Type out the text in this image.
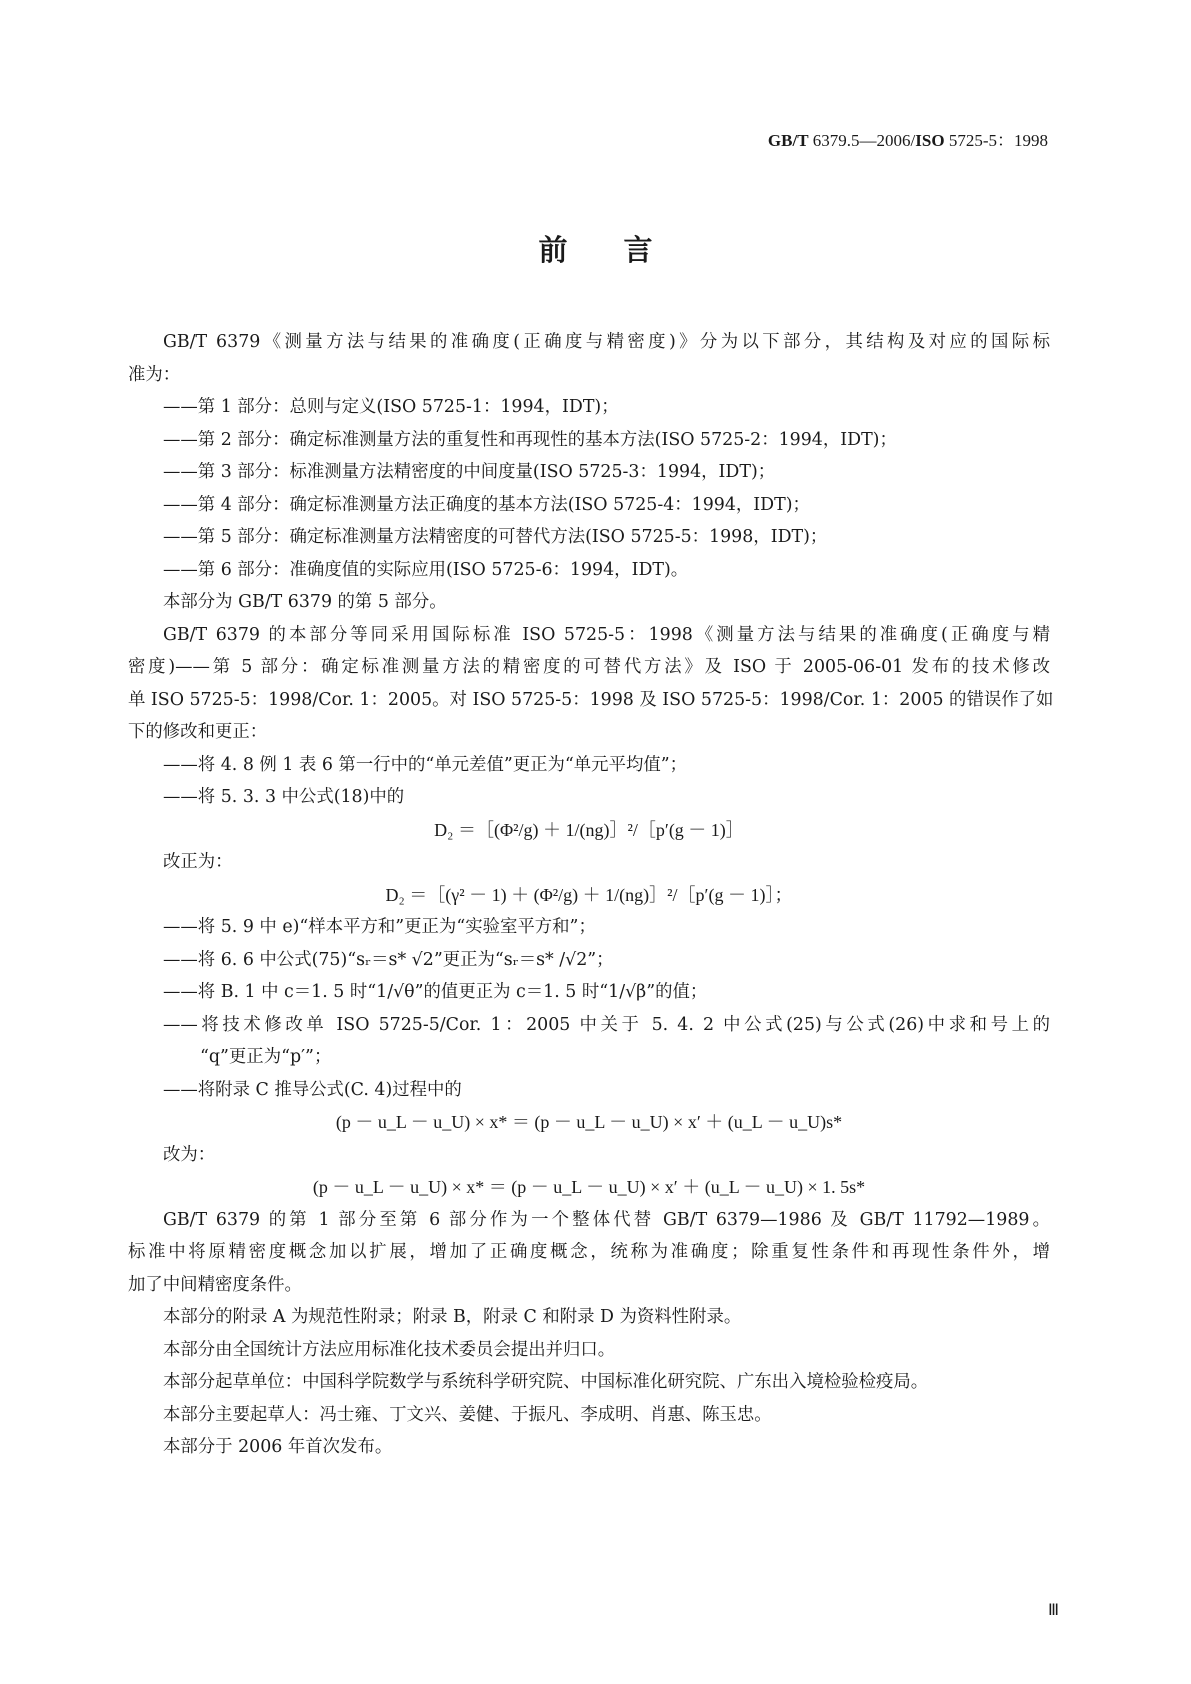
GB/T 6379.5—2006/ISO 5725-5：1998
前言
GB/T 6379《测量方法与结果的准确度(正确度与精密度)》分为以下部分，其结构及对应的国际标
准为：
——第 1 部分：总则与定义(ISO 5725-1：1994，IDT)；
——第 2 部分：确定标准测量方法的重复性和再现性的基本方法(ISO 5725-2：1994，IDT)；
——第 3 部分：标准测量方法精密度的中间度量(ISO 5725-3：1994，IDT)；
——第 4 部分：确定标准测量方法正确度的基本方法(ISO 5725-4：1994，IDT)；
——第 5 部分：确定标准测量方法精密度的可替代方法(ISO 5725-5：1998，IDT)；
——第 6 部分：准确度值的实际应用(ISO 5725-6：1994，IDT)。
本部分为 GB/T 6379 的第 5 部分。
GB/T 6379 的本部分等同采用国际标准 ISO 5725-5：1998《测量方法与结果的准确度(正确度与精
密度)——第 5 部分：确定标准测量方法的精密度的可替代方法》及 ISO 于 2005-06-01 发布的技术修改
单 ISO 5725-5：1998/Cor. 1：2005。对 ISO 5725-5：1998 及 ISO 5725-5：1998/Cor. 1：2005 的错误作了如
下的修改和更正：
——将 4. 8 例 1 表 6 第一行中的“单元差值”更正为“单元平均值”；
——将 5. 3. 3 中公式(18)中的
D₂ ＝［(Φ²/g) ＋ 1/(ng)］²/［p′(g － 1)］
改正为：
D₂ ＝［(γ² － 1) ＋ (Φ²/g) ＋ 1/(ng)］²/［p′(g － 1)］；
——将 5. 9 中 e)“样本平方和”更正为“实验室平方和”；
——将 6. 6 中公式(75)“sᵣ＝s* √2”更正为“sᵣ＝s* /√2”；
——将 B. 1 中 c＝1. 5 时“1/√θ”的值更正为 c＝1. 5 时“1/√β”的值；
——将技术修改单 ISO 5725-5/Cor. 1：2005 中关于 5. 4. 2 中公式(25)与公式(26)中求和号上的
“q”更正为“p′”；
——将附录 C 推导公式(C. 4)过程中的
(p － u_L － u_U) × x* ＝ (p － u_L － u_U) × x′ ＋ (u_L － u_U)s*
改为：
(p － u_L － u_U) × x* ＝ (p － u_L － u_U) × x′ ＋ (u_L － u_U) × 1. 5s*
GB/T 6379 的第 1 部分至第 6 部分作为一个整体代替 GB/T 6379—1986 及 GB/T 11792—1989。
标准中将原精密度概念加以扩展，增加了正确度概念，统称为准确度；除重复性条件和再现性条件外，增
加了中间精密度条件。
本部分的附录 A 为规范性附录；附录 B，附录 C 和附录 D 为资料性附录。
本部分由全国统计方法应用标准化技术委员会提出并归口。
本部分起草单位：中国科学院数学与系统科学研究院、中国标准化研究院、广东出入境检验检疫局。
本部分主要起草人：冯士雍、丁文兴、姜健、于振凡、李成明、肖惠、陈玉忠。
本部分于 2006 年首次发布。
Ⅲ
